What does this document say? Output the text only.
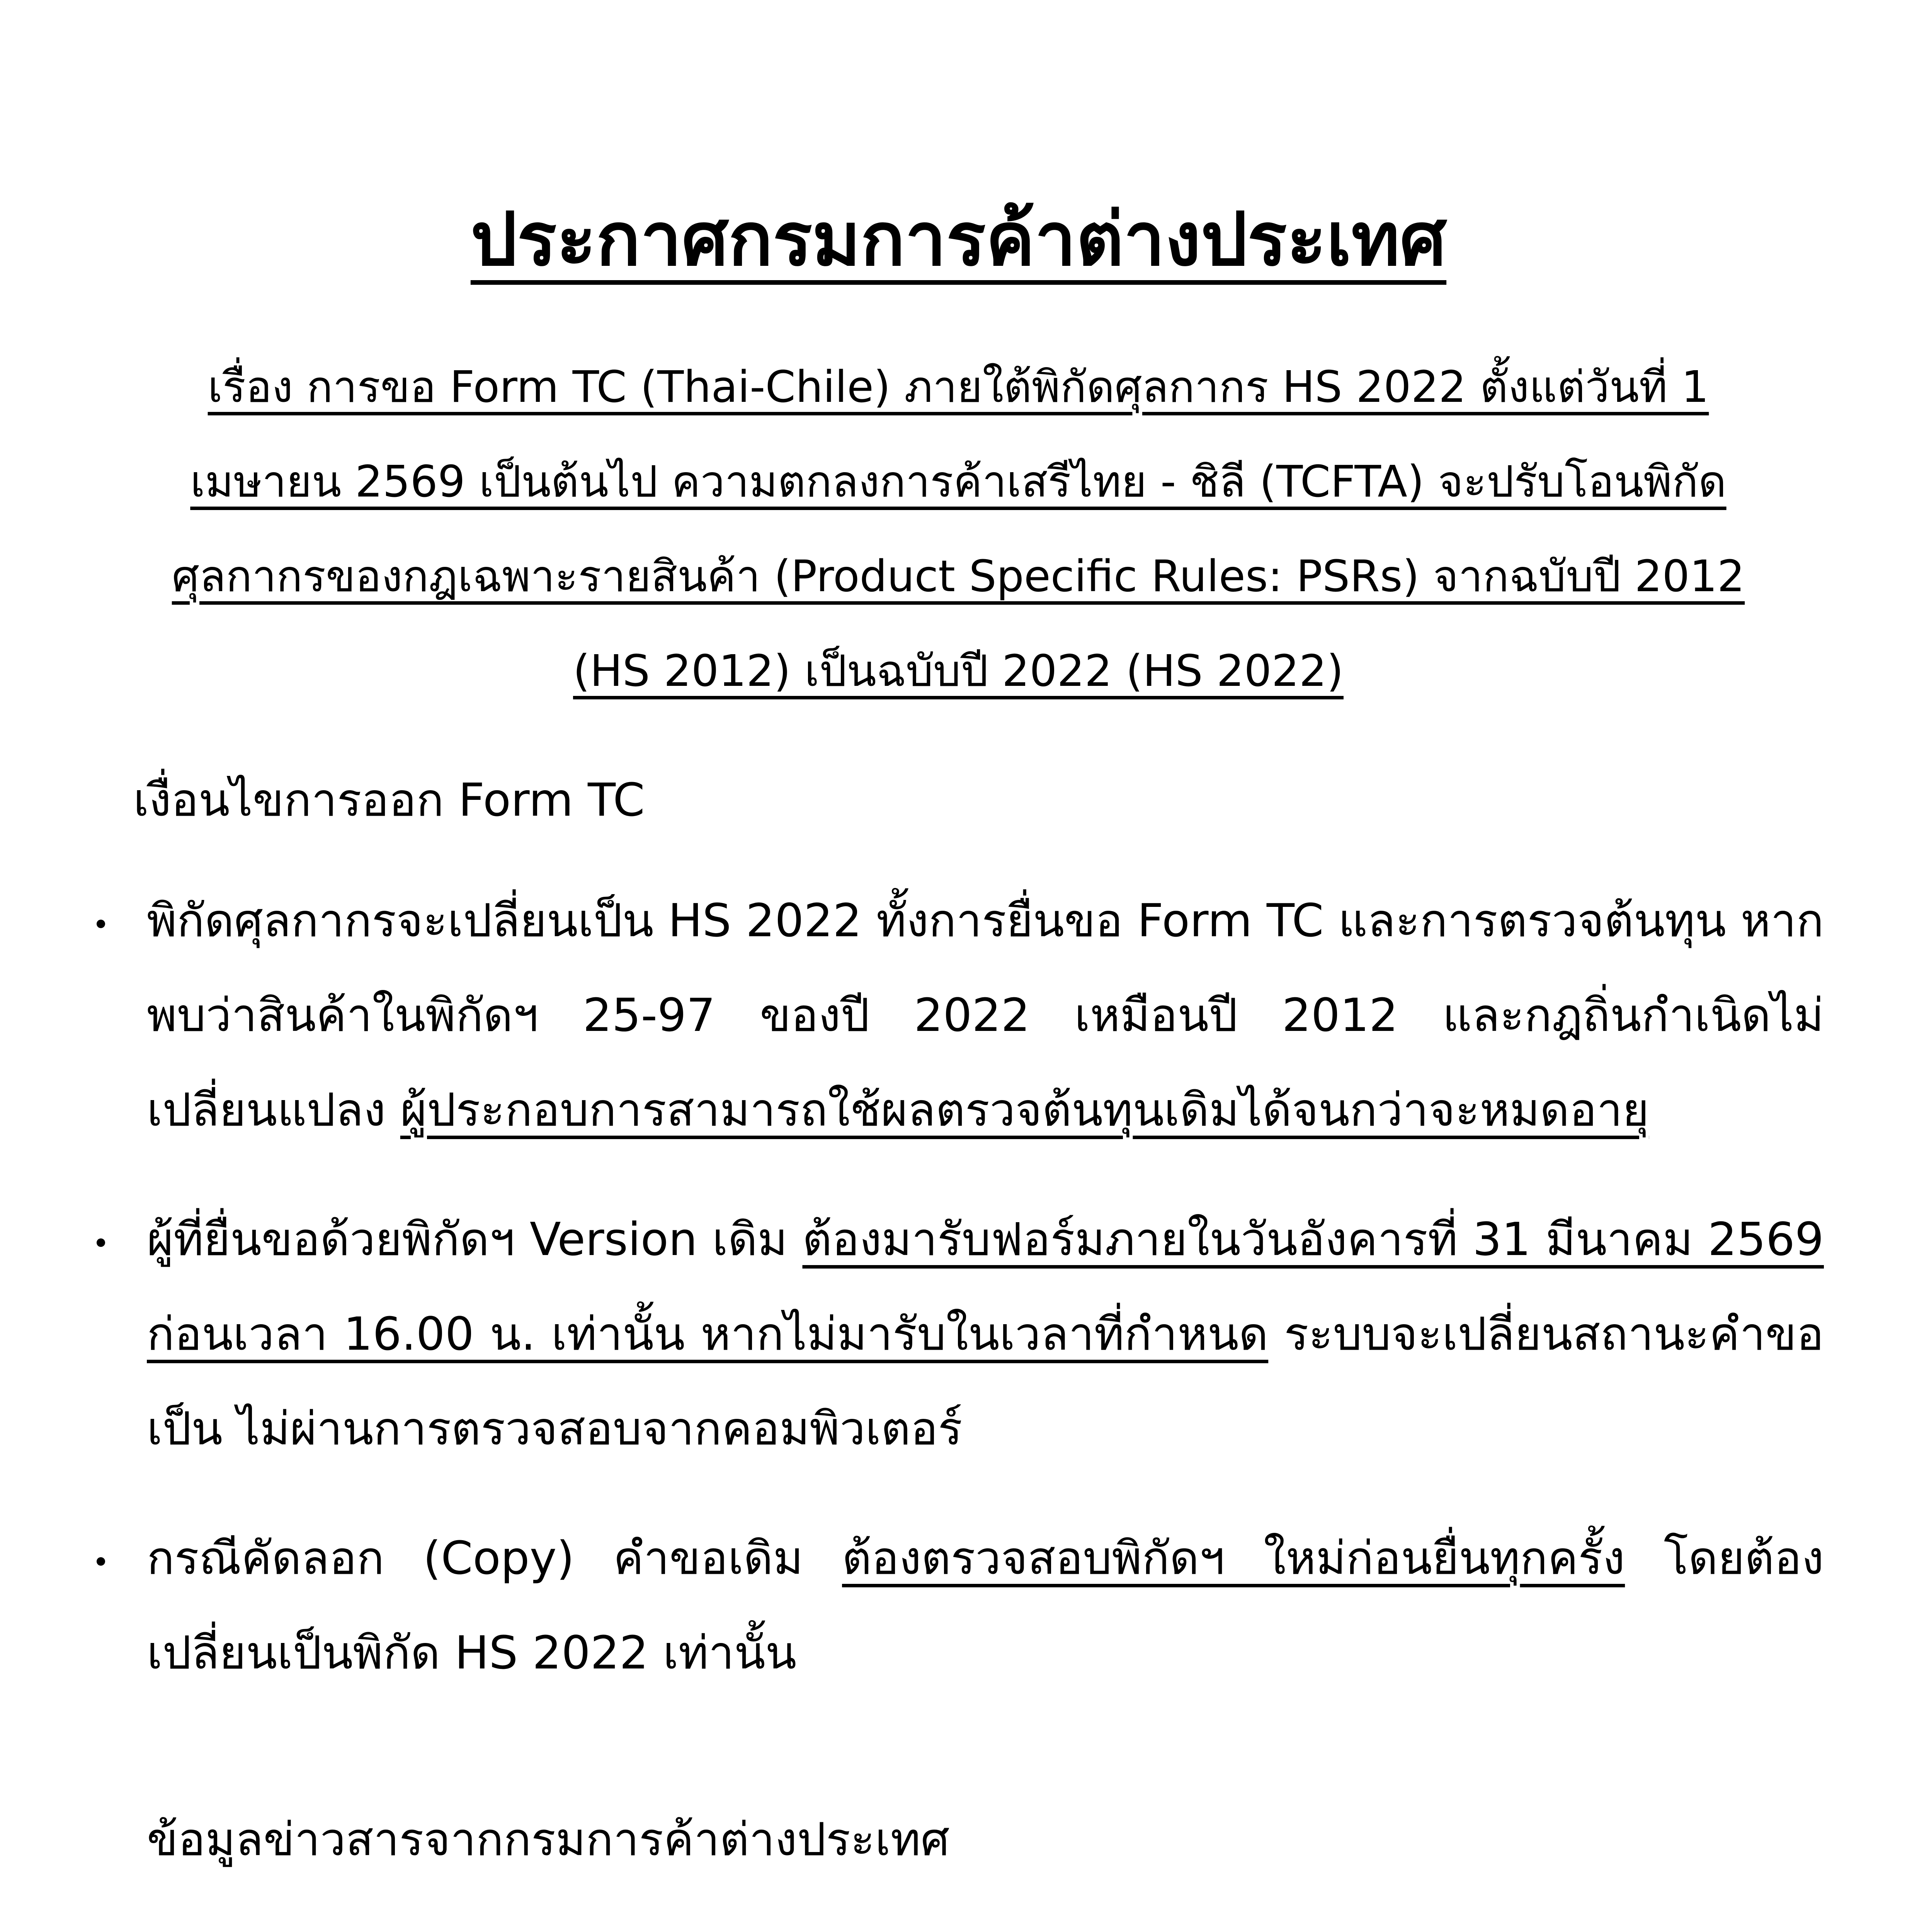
ประกาศกรมการค้าต่างประเทศ

เรื่อง การขอ Form TC (Thai-Chile) ภายใต้พิกัดศุลกากร HS 2022 ตั้งแต่วันที่ 1 เมษายน 2569 เป็นต้นไป ความตกลงการค้าเสรีไทย - ชิลี (TCFTA) จะปรับโอนพิกัดศุลกากรของกฎเฉพาะรายสินค้า (Product Specific Rules: PSRs) จากฉบับปี 2012 (HS 2012) เป็นฉบับปี 2022 (HS 2022)

เงื่อนไขการออก Form TC

พิกัดศุลกากรจะเปลี่ยนเป็น HS 2022 ทั้งการยื่นขอ Form TC และการตรวจต้นทุน หากพบว่าสินค้าในพิกัดฯ 25-97 ของปี 2022 เหมือนปี 2012 และกฎถิ่นกำเนิดไม่เปลี่ยนแปลง ผู้ประกอบการสามารถใช้ผลตรวจต้นทุนเดิมได้จนกว่าจะหมดอายุ
ผู้ที่ยื่นขอด้วยพิกัดฯ Version เดิม ต้องมารับฟอร์มภายในวันอังคารที่ 31 มีนาคม 2569 ก่อนเวลา 16.00 น. เท่านั้น หากไม่มารับในเวลาที่กำหนด ระบบจะเปลี่ยนสถานะคำขอเป็น ไม่ผ่านการตรวจสอบจากคอมพิวเตอร์
กรณีคัดลอก (Copy) คำขอเดิม ต้องตรวจสอบพิกัดฯ ใหม่ก่อนยื่นทุกครั้ง โดยต้องเปลี่ยนเป็นพิกัด HS 2022 เท่านั้น

ข้อมูลข่าวสารจากกรมการค้าต่างประเทศ
